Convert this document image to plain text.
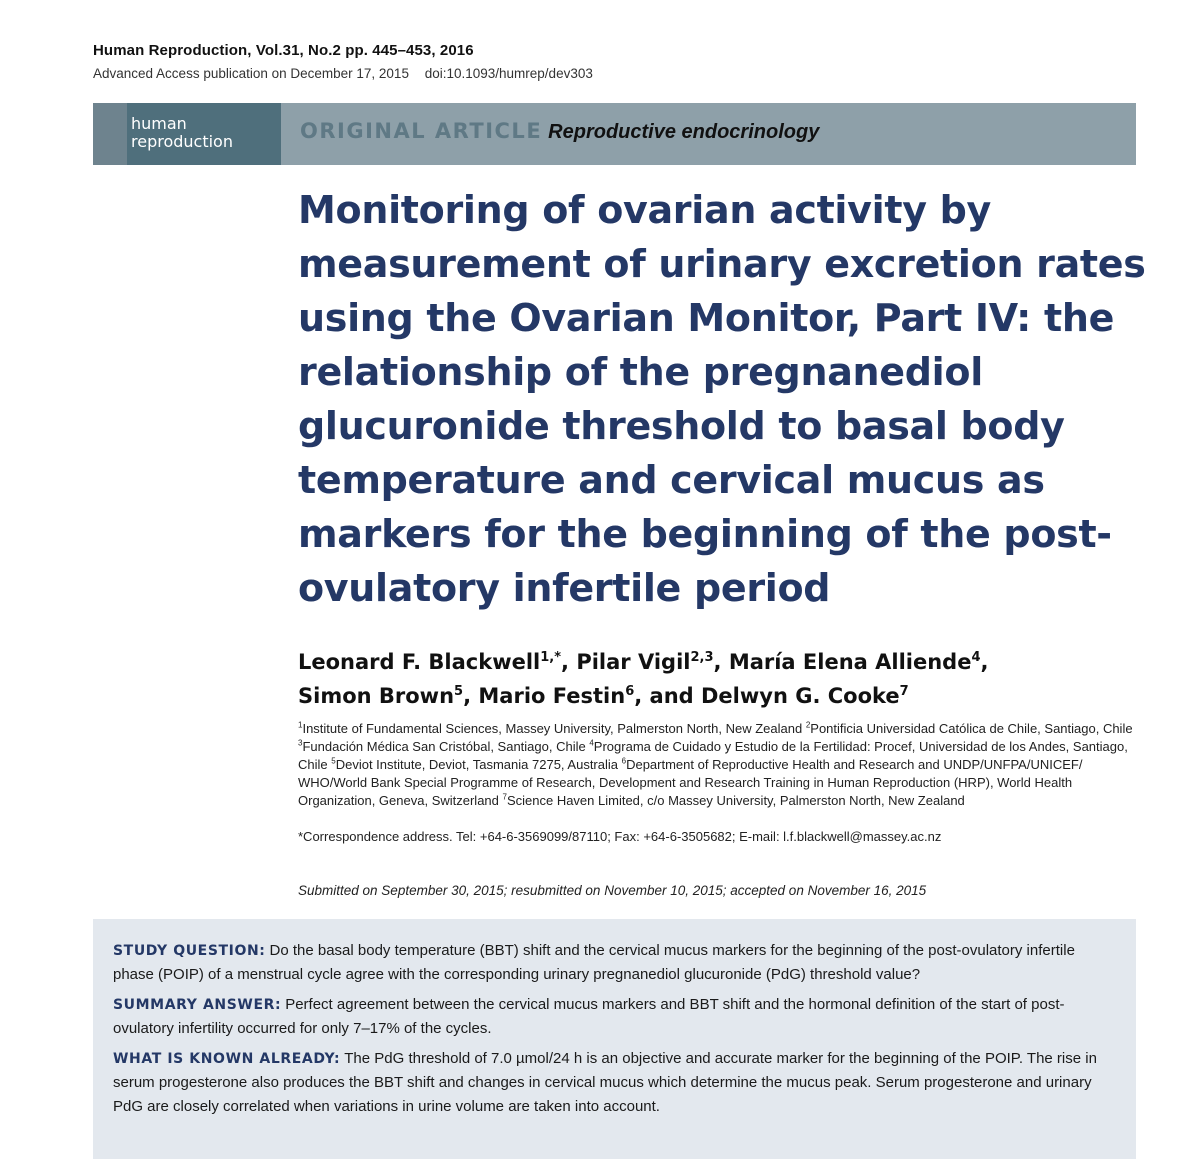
Human Reproduction, Vol.31, No.2 pp. 445–453, 2016
Advanced Access publication on December 17, 2015 doi:10.1093/humrep/dev303
human
reproduction	ORIGINAL ARTICLE Reproductive endocrinology
Monitoring of ovarian activity by measurement of urinary excretion rates using the Ovarian Monitor, Part IV: the relationship of the pregnanediol glucuronide threshold to basal body temperature and cervical mucus as markers for the beginning of the post-ovulatory infertile period
Leonard F. Blackwell$^{1,*}$, Pilar Vigil$^{2,3}$, María Elena Alliende$^4$,
Simon Brown$^5$, Mario Festin$^6$, and Delwyn G. Cooke$^7$
$^1$Institute of Fundamental Sciences, Massey University, Palmerston North, New Zealand $^2$Pontificia Universidad Católica de Chile, Santiago, Chile
$^3$Fundación Médica San Cristóbal, Santiago, Chile $^4$Programa de Cuidado y Estudio de la Fertilidad: Procef, Universidad de los Andes, Santiago, Chile $^5$Deviot Institute, Deviot, Tasmania 7275, Australia $^6$Department of Reproductive Health and Research and UNDP/UNFPA/UNICEF/ WHO/World Bank Special Programme of Research, Development and Research Training in Human Reproduction (HRP), World Health Organization, Geneva, Switzerland $^7$Science Haven Limited, c/o Massey University, Palmerston North, New Zealand
*Correspondence address. Tel: +64-6-3569099/87110; Fax: +64-6-3505682; E-mail: l.f.blackwell@massey.ac.nz
Submitted on September 30, 2015; resubmitted on November 10, 2015; accepted on November 16, 2015

STUDY QUESTION: Do the basal body temperature (BBT) shift and the cervical mucus markers for the beginning of the post-ovulatory infertile phase (POIP) of a menstrual cycle agree with the corresponding urinary pregnanediol glucuronide (PdG) threshold value?

SUMMARY ANSWER: Perfect agreement between the cervical mucus markers and BBT shift and the hormonal definition of the start of post-ovulatory infertility occurred for only 7–17% of the cycles.

WHAT IS KNOWN ALREADY: The PdG threshold of 7.0 µmol/24 h is an objective and accurate marker for the beginning of the POIP. The rise in serum progesterone also produces the BBT shift and changes in cervical mucus which determine the mucus peak. Serum progesterone and urinary PdG are closely correlated when variations in urine volume are taken into account.
